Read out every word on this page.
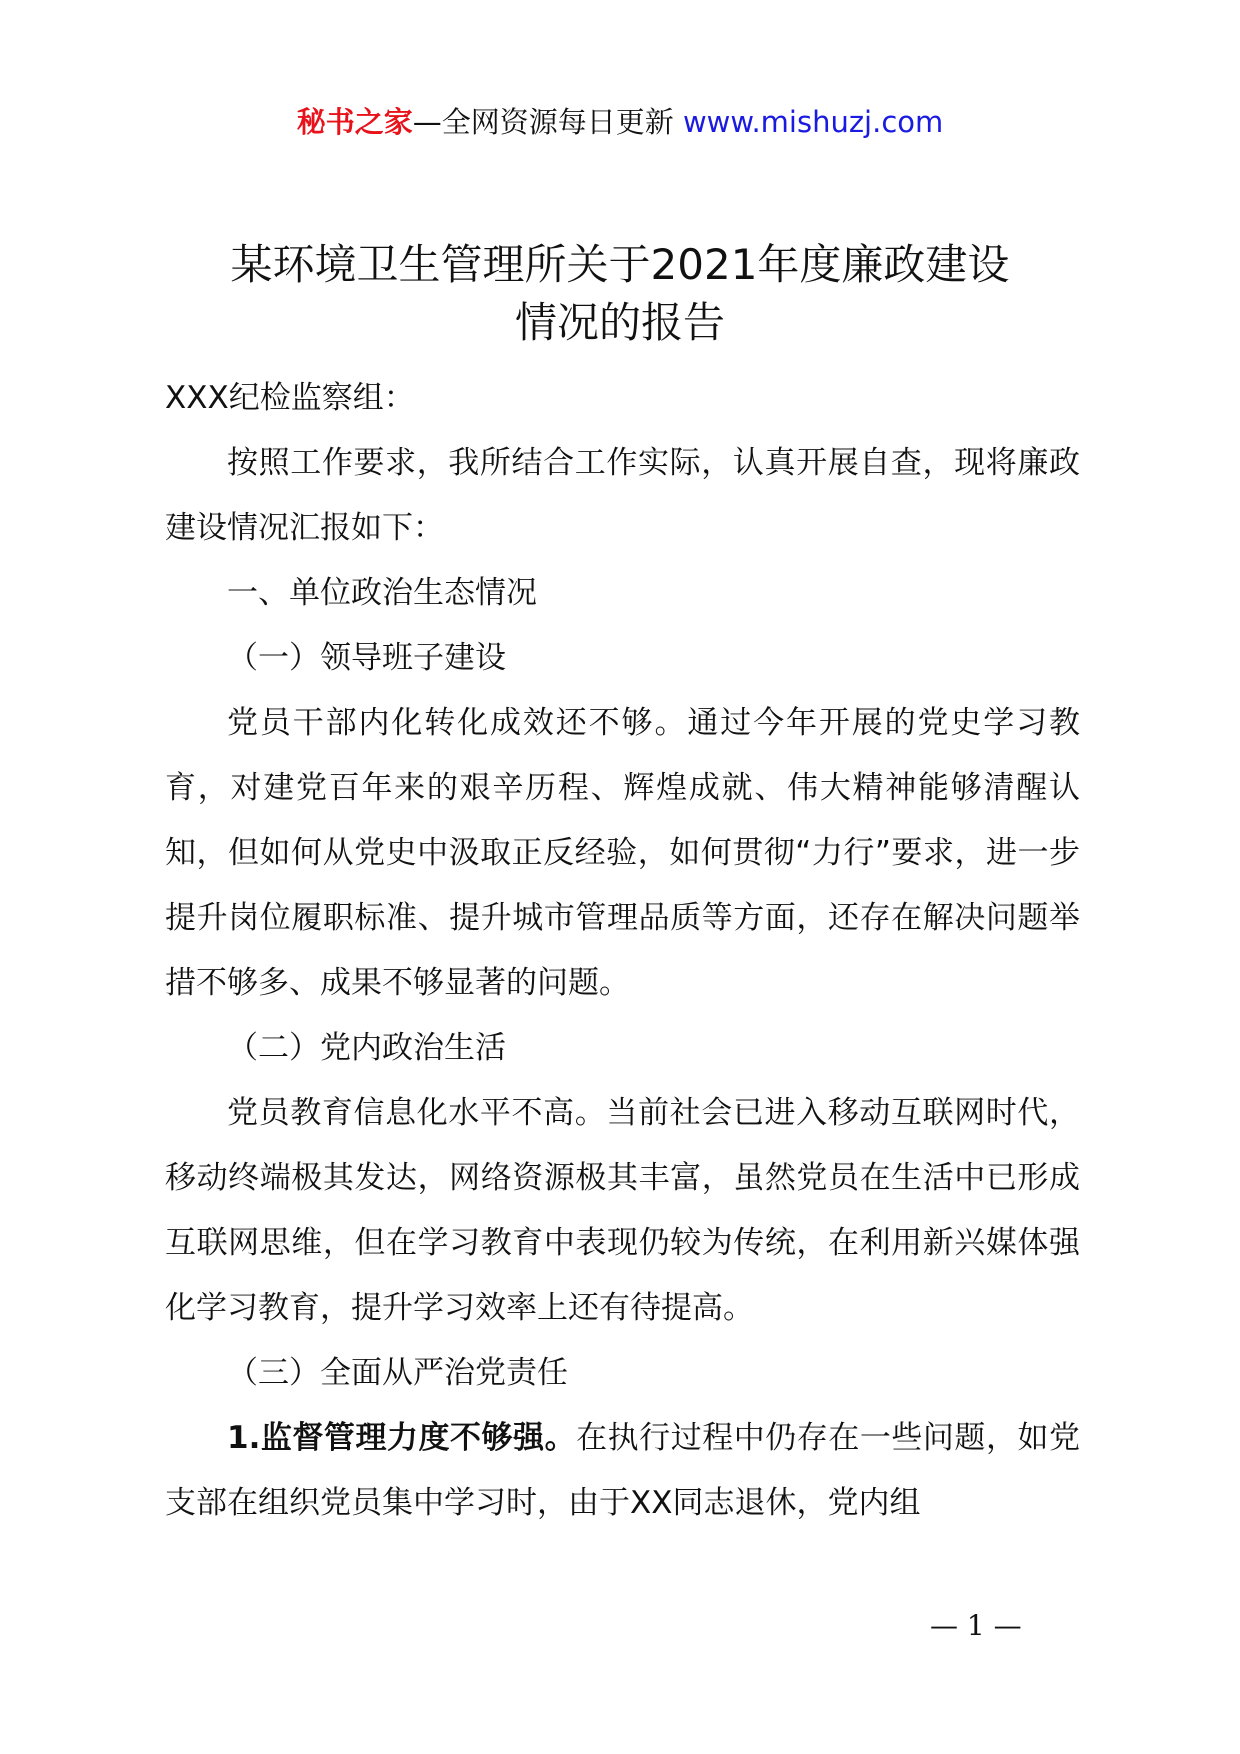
秘书之家—全网资源每日更新 www.mishuzj.com
某环境卫生管理所关于2021年度廉政建设
情况的报告

XXX纪检监察组：

按照工作要求，我所结合工作实际，认真开展自查，现将廉政建设情况汇报如下：

一、单位政治生态情况

（一）领导班子建设

党员干部内化转化成效还不够。通过今年开展的党史学习教育，对建党百年来的艰辛历程、辉煌成就、伟大精神能够清醒认知，但如何从党史中汲取正反经验，如何贯彻“力行”要求，进一步提升岗位履职标准、提升城市管理品质等方面，还存在解决问题举措不够多、成果不够显著的问题。

（二）党内政治生活

党员教育信息化水平不高。当前社会已进入移动互联网时代，移动终端极其发达，网络资源极其丰富，虽然党员在生活中已形成互联网思维，但在学习教育中表现仍较为传统，在利用新兴媒体强化学习教育，提升学习效率上还有待提高。

（三）全面从严治党责任

1.监督管理力度不够强。在执行过程中仍存在一些问题，如党支部在组织党员集中学习时，由于XX同志退休，党内组

— 1 —
